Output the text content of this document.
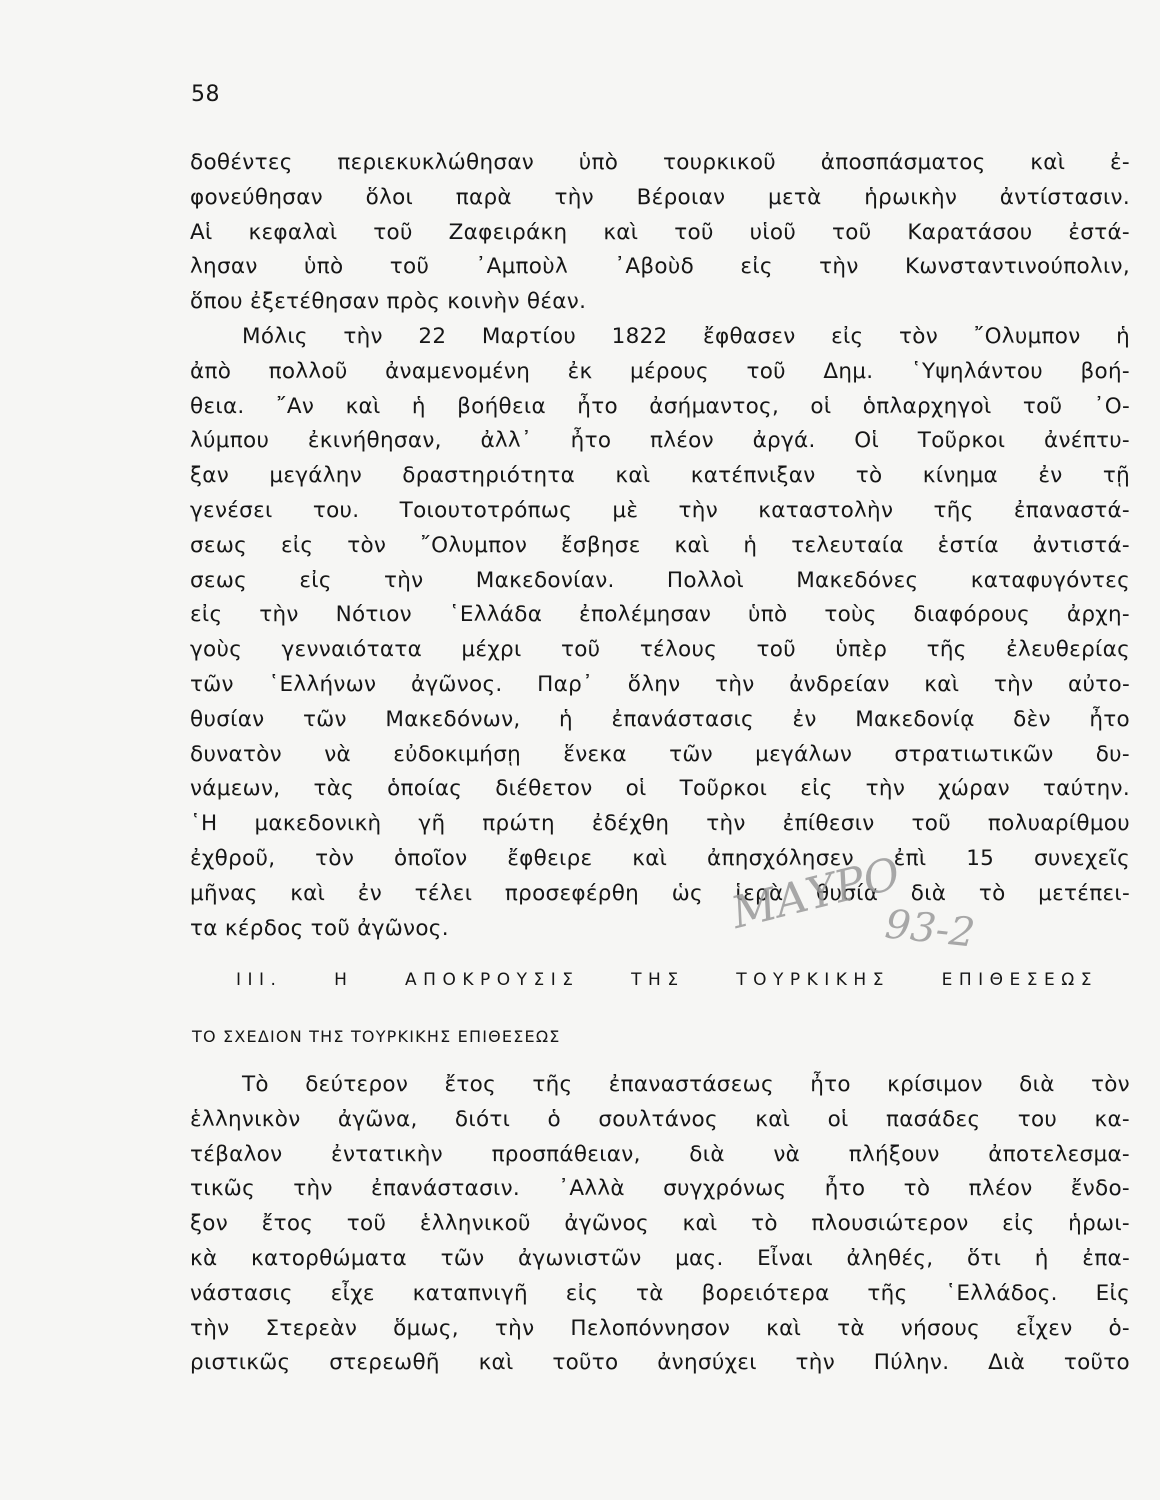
58
δοθέντες περιεκυκλώθησαν ὑπὸ τουρκικοῦ ἀποσπάσματος καὶ ἐ-
φονεύθησαν ὅλοι παρὰ τὴν Βέροιαν μετὰ ἡρωικὴν ἀντίστασιν.
Αἱ κεφαλαὶ τοῦ Ζαφειράκη καὶ τοῦ υἱοῦ τοῦ Καρατάσου ἐστά-
λησαν ὑπὸ τοῦ ᾿Αμποὺλ ᾿Αβοὺδ εἰς τὴν Κωνσταντινούπολιν,
ὅπου ἐξετέθησαν πρὸς κοινὴν θέαν.
Μόλις τὴν 22 Μαρτίου 1822 ἔφθασεν εἰς τὸν ῎Ολυμπον ἡ
ἀπὸ πολλοῦ ἀναμενομένη ἐκ μέρους τοῦ Δημ. ῾Υψηλάντου βοή-
θεια. ῎Αν καὶ ἡ βοήθεια ἦτο ἀσήμαντος, οἱ ὁπλαρχηγοὶ τοῦ ᾿Ο-
λύμπου ἐκινήθησαν, ἀλλ᾿ ἦτο πλέον ἀργά. Οἱ Τοῦρκοι ἀνέπτυ-
ξαν μεγάλην δραστηριότητα καὶ κατέπνιξαν τὸ κίνημα ἐν τῇ
γενέσει του. Τοιουτοτρόπως μὲ τὴν καταστολὴν τῆς ἐπαναστά-
σεως εἰς τὸν ῎Ολυμπον ἔσβησε καὶ ἡ τελευταία ἑστία ἀντιστά-
σεως εἰς τὴν Μακεδονίαν. Πολλοὶ Μακεδόνες καταφυγόντες
εἰς τὴν Νότιον ῾Ελλάδα ἐπολέμησαν ὑπὸ τοὺς διαφόρους ἀρχη-
γοὺς γενναιότατα μέχρι τοῦ τέλους τοῦ ὑπὲρ τῆς ἐλευθερίας
τῶν ῾Ελλήνων ἀγῶνος. Παρ᾿ ὅλην τὴν ἀνδρείαν καὶ τὴν αὐτο-
θυσίαν τῶν Μακεδόνων, ἡ ἐπανάστασις ἐν Μακεδονίᾳ δὲν ἦτο
δυνατὸν νὰ εὐδοκιμήσῃ ἕνεκα τῶν μεγάλων στρατιωτικῶν δυ-
νάμεων, τὰς ὁποίας διέθετον οἱ Τοῦρκοι εἰς τὴν χώραν ταύτην.
῾Η μακεδονικὴ γῆ πρώτη ἐδέχθη τὴν ἐπίθεσιν τοῦ πολυαρίθμου
ἐχθροῦ, τὸν ὁποῖον ἔφθειρε καὶ ἀπησχόλησεν ἐπὶ 15 συνεχεῖς
μῆνας καὶ ἐν τέλει προσεφέρθη ὡς ἱερὰ θυσία διὰ τὸ μετέπει-
τα κέρδος τοῦ ἀγῶνος.	ΜΑΥΡΟ
93-2
ΙΙΙ. Η ΑΠΟΚΡΟΥΣΙΣ ΤΗΣ ΤΟΥΡΚΙΚΗΣ ΕΠΙΘΕΣΕΩΣ
ΤΟ ΣΧΕΔΙΟΝ ΤΗΣ ΤΟΥΡΚΙΚΗΣ ΕΠΙΘΕΣΕΩΣ
Τὸ δεύτερον ἔτος τῆς ἐπαναστάσεως ἦτο κρίσιμον διὰ τὸν
ἑλληνικὸν ἀγῶνα, διότι ὁ σουλτάνος καὶ οἱ πασάδες του κα-
τέβαλον ἐντατικὴν προσπάθειαν, διὰ νὰ πλήξουν ἀποτελεσμα-
τικῶς τὴν ἐπανάστασιν. ᾿Αλλὰ συγχρόνως ἦτο τὸ πλέον ἔνδο-
ξον ἔτος τοῦ ἑλληνικοῦ ἀγῶνος καὶ τὸ πλουσιώτερον εἰς ἡρωι-
κὰ κατορθώματα τῶν ἀγωνιστῶν μας. Εἶναι ἀληθές, ὅτι ἡ ἐπα-
νάστασις εἶχε καταπνιγῆ εἰς τὰ βορειότερα τῆς ῾Ελλάδος. Εἰς
τὴν Στερεὰν ὅμως, τὴν Πελοπόννησον καὶ τὰ νήσους εἶχεν ὁ-
ριστικῶς στερεωθῆ καὶ τοῦτο ἀνησύχει τὴν Πύλην. Διὰ τοῦτο
